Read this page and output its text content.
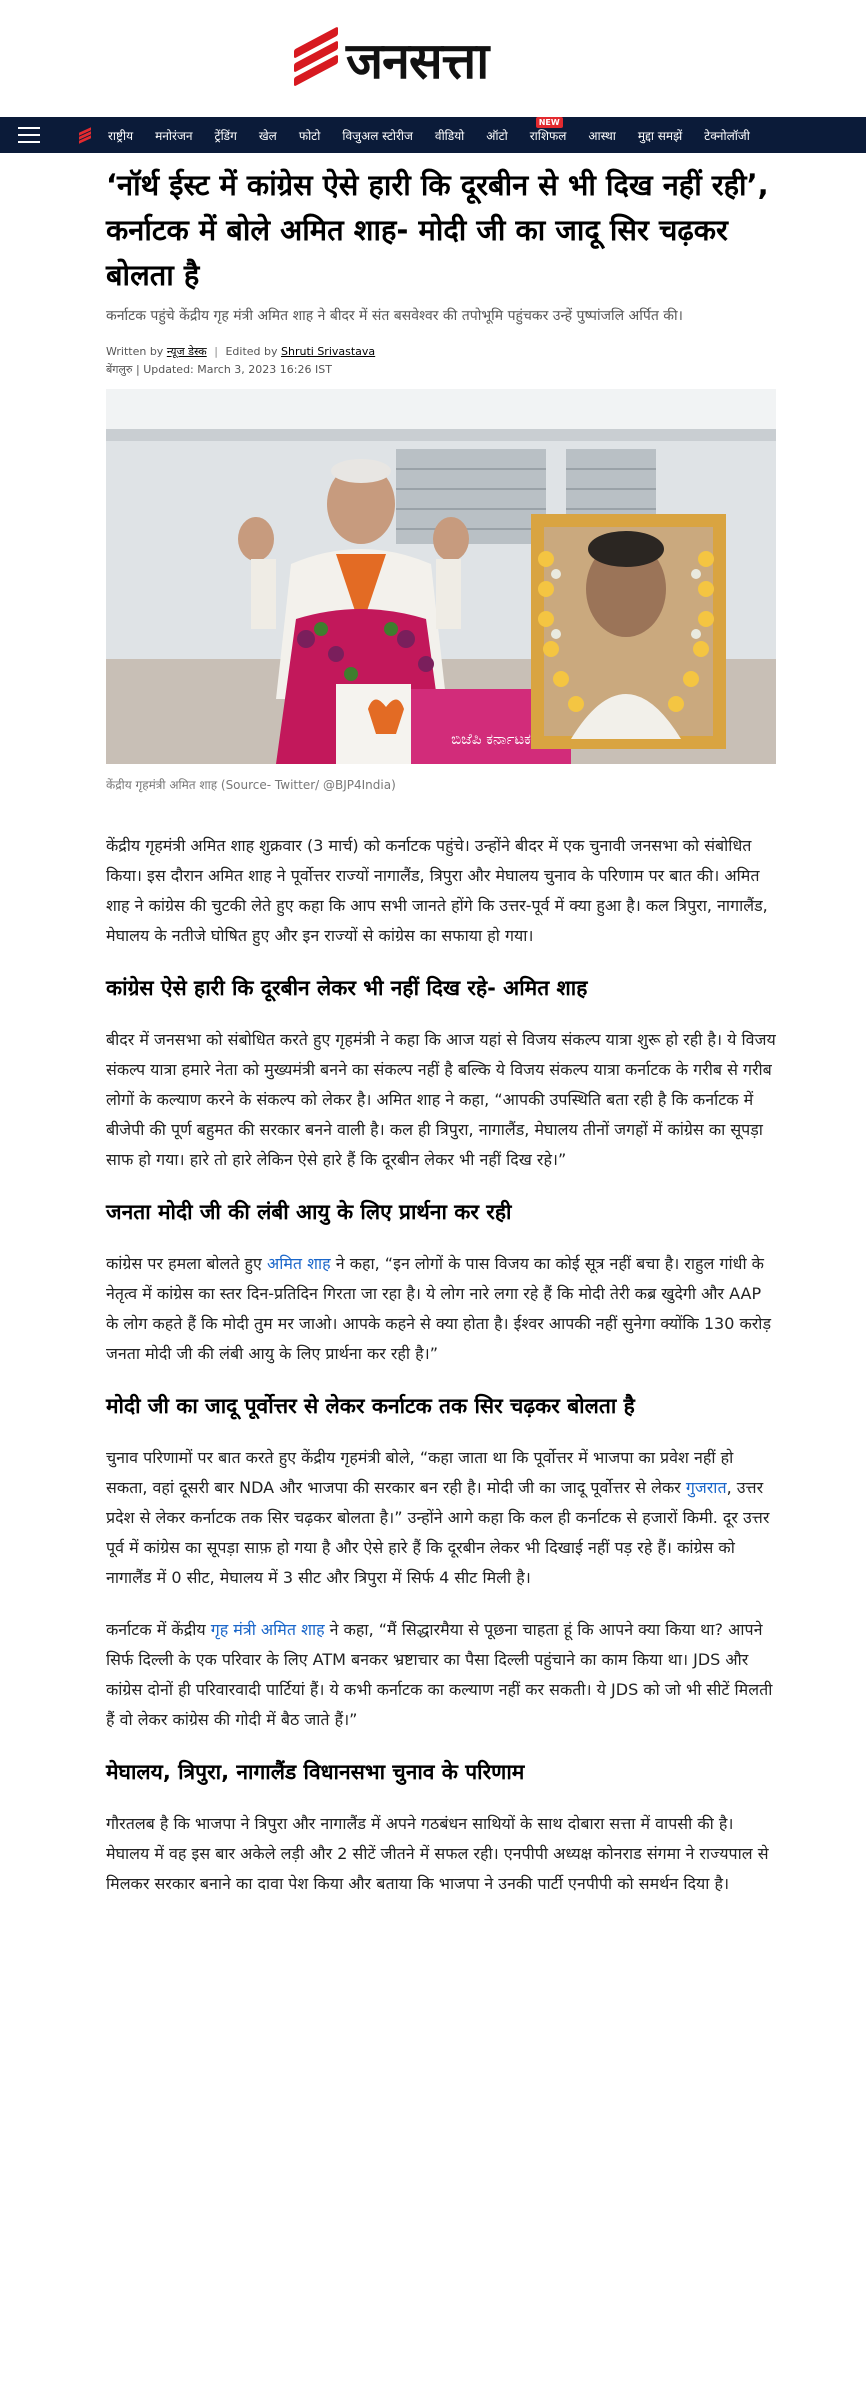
जनसत्ता
राष्ट्रीय मनोरंजन ट्रेंडिंग खेल फोटो विजुअल स्टोरीज वीडियो ऑटो
NEW
राशिफल आस्था मुद्दा समझें टेक्नोलॉजी
‘नॉर्थ ईस्ट में कांग्रेस ऐसे हारी कि दूरबीन से भी दिख नहीं रही’, कर्नाटक में बोले अमित शाह- मोदी जी का जादू सिर चढ़कर बोलता है

कर्नाटक पहुंचे केंद्रीय गृह मंत्री अमित शाह ने बीदर में संत बसवेश्वर की तपोभूमि पहुंचकर उन्हें पुष्पांजलि अर्पित की।

Written by न्यूज डेस्क | Edited by Shruti Srivastava
बेंगलुरु | Updated: March 3, 2023 16:26 IST
ಬಿಜೆಪಿ ಕರ್ನಾಟಕ
केंद्रीय गृहमंत्री अमित शाह (Source- Twitter/ @BJP4India)

केंद्रीय गृहमंत्री अमित शाह शुक्रवार (3 मार्च) को कर्नाटक पहुंचे। उन्होंने बीदर में एक चुनावी जनसभा को संबोधित किया। इस दौरान अमित शाह ने पूर्वोत्तर राज्यों नागालैंड, त्रिपुरा और मेघालय चुनाव के परिणाम पर बात की। अमित शाह ने कांग्रेस की चुटकी लेते हुए कहा कि आप सभी जानते होंगे कि उत्तर-पूर्व में क्या हुआ है। कल त्रिपुरा, नागालैंड, मेघालय के नतीजे घोषित हुए और इन राज्यों से कांग्रेस का सफाया हो गया।

कांग्रेस ऐसे हारी कि दूरबीन लेकर भी नहीं दिख रहे- अमित शाह

बीदर में जनसभा को संबोधित करते हुए गृहमंत्री ने कहा कि आज यहां से विजय संकल्प यात्रा शुरू हो रही है। ये विजय संकल्प यात्रा हमारे नेता को मुख्यमंत्री बनने का संकल्प नहीं है बल्कि ये विजय संकल्प यात्रा कर्नाटक के गरीब से गरीब लोगों के कल्याण करने के संकल्प को लेकर है। अमित शाह ने कहा, “आपकी उपस्थिति बता रही है कि कर्नाटक में बीजेपी की पूर्ण बहुमत की सरकार बनने वाली है। कल ही त्रिपुरा, नागालैंड, मेघालय तीनों जगहों में कांग्रेस का सूपड़ा साफ हो गया। हारे तो हारे लेकिन ऐसे हारे हैं कि दूरबीन लेकर भी नहीं दिख रहे।”

जनता मोदी जी की लंबी आयु के लिए प्रार्थना कर रही

कांग्रेस पर हमला बोलते हुए अमित शाह ने कहा, “इन लोगों के पास विजय का कोई सूत्र नहीं बचा है। राहुल गांधी के नेतृत्व में कांग्रेस का स्तर दिन-प्रतिदिन गिरता जा रहा है। ये लोग नारे लगा रहे हैं कि मोदी तेरी कब्र खुदेगी और AAP के लोग कहते हैं कि मोदी तुम मर जाओ। आपके कहने से क्या होता है। ईश्वर आपकी नहीं सुनेगा क्योंकि 130 करोड़ जनता मोदी जी की लंबी आयु के लिए प्रार्थना कर रही है।”

मोदी जी का जादू पूर्वोत्तर से लेकर कर्नाटक तक सिर चढ़कर बोलता है

चुनाव परिणामों पर बात करते हुए केंद्रीय गृहमंत्री बोले, “कहा जाता था कि पूर्वोत्तर में भाजपा का प्रवेश नहीं हो सकता, वहां दूसरी बार NDA और भाजपा की सरकार बन रही है। मोदी जी का जादू पूर्वोत्तर से लेकर गुजरात, उत्तर प्रदेश से लेकर कर्नाटक तक सिर चढ़कर बोलता है।” उन्होंने आगे कहा कि कल ही कर्नाटक से हजारों किमी. दूर उत्तर पूर्व में कांग्रेस का सूपड़ा साफ़ हो गया है और ऐसे हारे हैं कि दूरबीन लेकर भी दिखाई नहीं पड़ रहे हैं। कांग्रेस को नागालैंड में 0 सीट, मेघालय में 3 सीट और त्रिपुरा में सिर्फ 4 सीट मिली है।

कर्नाटक में केंद्रीय गृह मंत्री अमित शाह ने कहा, “मैं सिद्धारमैया से पूछना चाहता हूं कि आपने क्या किया था? आपने सिर्फ दिल्ली के एक परिवार के लिए ATM बनकर भ्रष्टाचार का पैसा दिल्ली पहुंचाने का काम किया था। JDS और कांग्रेस दोनों ही परिवारवादी पार्टियां हैं। ये कभी कर्नाटक का कल्याण नहीं कर सकती। ये JDS को जो भी सीटें मिलती हैं वो लेकर कांग्रेस की गोदी में बैठ जाते हैं।”

मेघालय, त्रिपुरा, नागालैंड विधानसभा चुनाव के परिणाम

गौरतलब है कि भाजपा ने त्रिपुरा और नागालैंड में अपने गठबंधन साथियों के साथ दोबारा सत्ता में वापसी की है। मेघालय में वह इस बार अकेले लड़ी और 2 सीटें जीतने में सफल रही। एनपीपी अध्यक्ष कोनराड संगमा ने राज्यपाल से मिलकर सरकार बनाने का दावा पेश किया और बताया कि भाजपा ने उनकी पार्टी एनपीपी को समर्थन दिया है।
